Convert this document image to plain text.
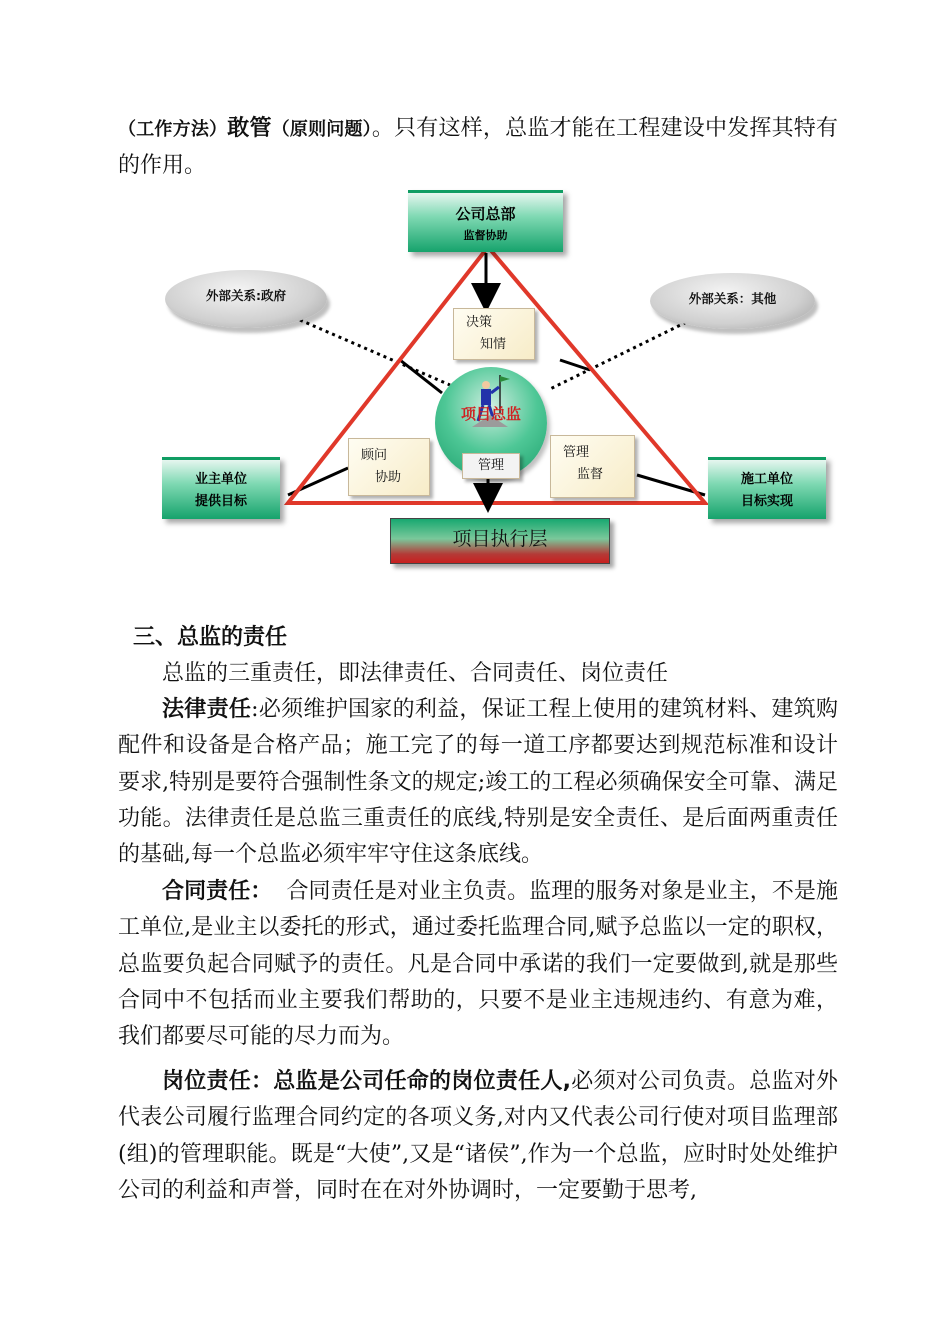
（工作方法）敢管（原则问题）。只有这样，总监才能在工程建设中发挥其特有的作用。

公司总部
监督协助
外部关系:政府	外部关系：其他
决策
知情
项目总监
顾问
协助
管理
管理
监督
业主单位
提供目标
施工单位
目标实现
项目执行层

三、总监的责任

总监的三重责任，即法律责任、合同责任、岗位责任

法律责任:必须维护国家的利益，保证工程上使用的建筑材料、建筑购配件和设备是合格产品；施工完了的每一道工序都要达到规范标准和设计要求,特别是要符合强制性条文的规定;竣工的工程必须确保安全可靠、满足功能。法律责任是总监三重责任的底线,特别是安全责任、是后面两重责任的基础,每一个总监必须牢牢守住这条底线。

合同责任：  合同责任是对业主负责。监理的服务对象是业主，不是施工单位,是业主以委托的形式，通过委托监理合同,赋予总监以一定的职权，总监要负起合同赋予的责任。凡是合同中承诺的我们一定要做到,就是那些合同中不包括而业主要我们帮助的，只要不是业主违规违约、有意为难，我们都要尽可能的尽力而为。

岗位责任：总监是公司任命的岗位责任人,必须对公司负责。总监对外代表公司履行监理合同约定的各项义务,对内又代表公司行使对项目监理部(组)的管理职能。既是“大使”,又是“诸侯”,作为一个总监，应时时处处维护公司的利益和声誉，同时在在对外协调时，一定要勤于思考,
